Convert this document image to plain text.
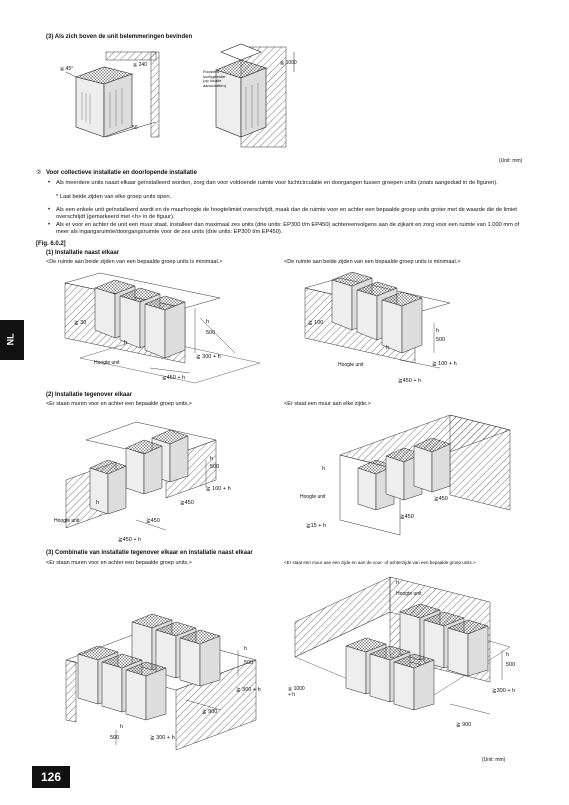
(3) Als zich boven de unit belemmeringen bevinden
≧ 45°
≧ 240
50
≧ 1000
Roosters
luchtgeleider
(op locatie
aanschaffen)
(Unit: mm)
② Voor collectieve installatie en doorlopende installatie
•	Als meerdere units naast elkaar geïnstalleerd worden, zorg dan voor voldoende ruimte voor luchtcirculatie en doorgangen tussen groepen units (zoals aangeduid in de figuren).
* Laat beide zijden van elke groep units open.
•	Als een enkele unit geïnstalleerd wordt en de muurhoogte de hoogtelimiet overschrijdt, maak dan de ruimte voor en achter een bepaalde groep units groter met de waarde die de limiet overschrijdt (gemarkeerd met <h> in de figuur).
•	Als er voor en achter de unit een muur staat, installeer dan maximaal zes units (drie units: EP300 t/m EP450) achtereenvolgens aan de zijkant en zorg voor een ruimte van 1.000 mm of meer als ingangsruimte/doorgangsruimte voor de zes units (drie units: EP300 t/m EP450).
[Fig. 6.0.2]
(1) Installatie naast elkaar
<De ruimte aan beide zijden van een bepaalde groep units is minimaal.>	<De ruimte aan beide zijden van een bepaalde groep units is minimaal.>
≧ 30	h
500
h
≧ 300 + h
Hoogte unit
≧450 + h
≧ 100
h
500
h
≧ 100 + h
Hoogte unit
≧450 + h
(2) Installatie tegenover elkaar
<Er staan muren voor en achter een bepaalde groep units.>	<Er staat een muur aan elke zijde.>
h
500
≧ 100 + h
h	≧450
≧450
Hoogte unit
≧450 + h
h
Hoogte unit	≧450
≧450
≧15 + h
(3) Combinatie van installatie tegenover elkaar en installatie naast elkaar
<Er staan muren voor en achter een bepaalde groep units.>	<Er staat een muur aan een zijde en aan de voor- of achterzijde van een bepaalde groep units.>
h
500
≧ 300 + h
≧ 900
h
500	≧ 300 + h
h
Hoogte unit
h
500
≧ 1000
+ h
≧300 + h
≧ 900
(Unit: mm)
NL
126
